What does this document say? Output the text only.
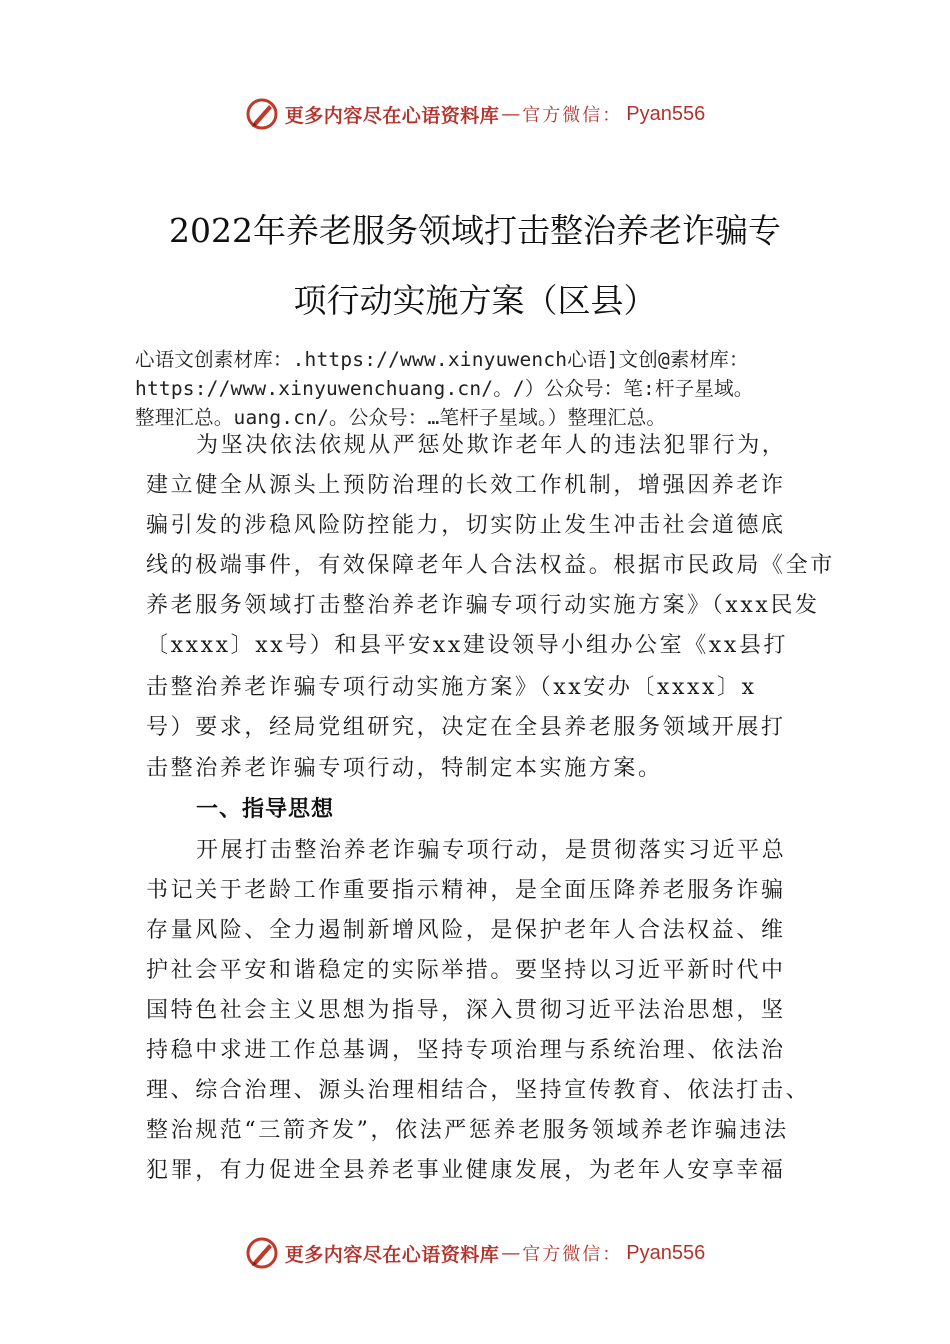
更多内容尽在心语资料库 — 官方微信： Pyan556
2022年养老服务领域打击整治养老诈骗专
项行动实施方案（区县）
心语文创素材库：.https://www.xinyuwench心语]文创@素材库：
https://www.xinyuwenchuang.cn/。/）公众号：笔:杆子星域。
整理汇总。uang.cn/。公众号：…笔杆子星域。）整理汇总。
为坚决依法依规从严惩处欺诈老年人的违法犯罪行为，
建立健全从源头上预防治理的长效工作机制，增强因养老诈
骗引发的涉稳风险防控能力，切实防止发生冲击社会道德底
线的极端事件，有效保障老年人合法权益。根据市民政局《全市
养老服务领域打击整治养老诈骗专项行动实施方案》（xxx民发
〔xxxx〕xx号）和县平安xx建设领导小组办公室《xx县打
击整治养老诈骗专项行动实施方案》（xx安办〔xxxx〕x
号）要求，经局党组研究，决定在全县养老服务领域开展打
击整治养老诈骗专项行动，特制定本实施方案。
一、指导思想
开展打击整治养老诈骗专项行动，是贯彻落实习近平总
书记关于老龄工作重要指示精神，是全面压降养老服务诈骗
存量风险、全力遏制新增风险，是保护老年人合法权益、维
护社会平安和谐稳定的实际举措。要坚持以习近平新时代中
国特色社会主义思想为指导，深入贯彻习近平法治思想，坚
持稳中求进工作总基调，坚持专项治理与系统治理、依法治
理、综合治理、源头治理相结合，坚持宣传教育、依法打击、
整治规范“三箭齐发”，依法严惩养老服务领域养老诈骗违法
犯罪，有力促进全县养老事业健康发展，为老年人安享幸福
更多内容尽在心语资料库 — 官方微信： Pyan556
